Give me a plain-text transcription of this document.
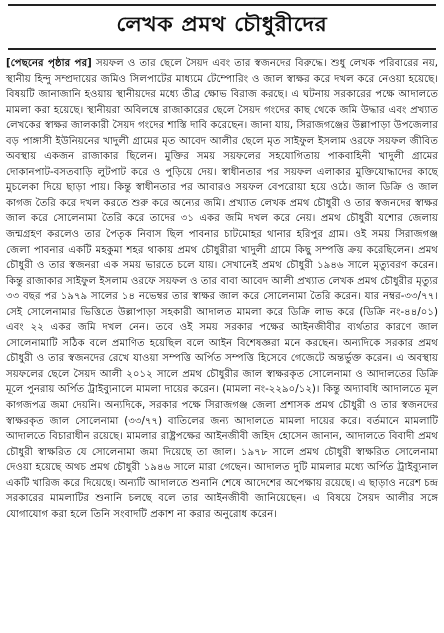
লেখক প্রমথ চৌধুরীদের

[পেছনের পৃষ্ঠার পর] সয়ফল ও তার ছেলে সৈয়দ এবং তার স্বজনদের বিরুদ্ধে। শুধু লেখক পরিবারের নয়, স্থানীয় হিন্দু সম্প্রদায়ের জমিও সিলপাটের মাধ্যমে টেম্পোরিং ও জাল স্বাক্ষর করে দখল করে নেওয়া হয়েছে। বিষয়টি জানাজানি হওয়ায় স্থানীয়দের মধ্যে তীব্র ক্ষোভ বিরাজ করছে। এ ঘটনায় সরকারের পক্ষে আদালতে মামলা করা হয়েছে। স্থানীয়রা অবিলম্বে রাজাকারের ছেলে সৈয়দ গংদের কাছ থেকে জমি উদ্ধার এবং প্রখ্যাত লেখকের স্বাক্ষর জালকারী সৈয়দ গংদের শাস্তি দাবি করেছেন। জানা যায়, সিরাজগঞ্জের উল্লাপাড়া উপজেলার বড় পাঙ্গাসী ইউনিয়নের খাদুলী গ্রামের মৃত আবেদ আলীর ছেলে মৃত সাইফুল ইসলাম ওরফে সয়ফল জীবিত অবস্থায় একজন রাজাকার ছিলেন। মুক্তির সময় সয়ফলের সহযোগিতায় পাকবাহিনী খাদুলী গ্রামের দোকানপাট-বসতবাড়ি লুটপাট করে ও পুড়িয়ে দেয়। স্বাধীনতার পর সয়ফল এলাকার মুক্তিযোদ্ধাদের কাছে মুচলেকা দিয়ে ছাড়া পায়। কিন্তু স্বাধীনতার পর আবারও সয়ফল বেপরোয়া হয়ে ওঠে। জাল ডিক্রি ও জাল কাগজ তৈরি করে দখল করতে শুরু করে অন্যের জমি। প্রখ্যাত লেখক প্রমথ চৌধুরী ও তার স্বজনদের স্বাক্ষর জাল করে সোলেনামা তৈরি করে তাদের ৩১ একর জমি দখল করে নেয়। প্রমথ চৌধুরী যশোর জেলায় জন্মগ্রহণ করলেও তার পৈতৃক নিবাস ছিল পাবনার চাটমোহর থানার হরিপুর গ্রাম। ওই সময় সিরাজগঞ্জ জেলা পাবনার একটি মহকুমা শহর থাকায় প্রমথ চৌধুরীরা খাদুলী গ্রামে কিছু সম্পত্তি ক্রয় করেছিলেন। প্রমথ চৌধুরী ও তার স্বজনরা এক সময় ভারতে চলে যায়। সেখানেই প্রমথ চৌধুরী ১৯৪৬ সালে মৃত্যুবরণ করেন। কিন্তু রাজাকার সাইফুল ইসলাম ওরফে সয়ফল ও তার বাবা আবেদ আলী প্রখ্যাত লেখক প্রমথ চৌধুরীর মৃত্যুর ৩৩ বছর পর ১৯৭৯ সালের ১৪ নভেম্বর তার স্বাক্ষর জাল করে সোলেনামা তৈরি করেন। যার নম্বর-৩৩/৭৭। সেই সোলেনামার ভিত্তিতে উল্লাপাড়া সহকারী আদালত মামলা করে ডিক্রি লাভ করে (ডিক্রি নং-৪৪/০১) এবং ২২ একর জমি দখল নেন। তবে ওই সময় সরকার পক্ষের আইনজীবীর ব্যর্থতার কারণে জাল সোলেনামাটি সঠিক বলে প্রমাণিত হয়েছিল বলে আইন বিশেষজ্ঞরা মনে করছেন। অন্যদিকে সরকার প্রমথ চৌধুরী ও তার স্বজনদের রেখে যাওয়া সম্পত্তি অর্পিত সম্পত্তি হিসেবে গেজেটে অন্তর্ভুক্ত করেন। এ অবস্থায় সয়ফলের ছেলে সৈয়দ আলী ২০১২ সালে প্রমথ চৌধুরীর জাল স্বাক্ষরকৃত সোলেনামা ও আদালতের ডিক্রি মূলে পুনরায় অর্পিত ট্রাইব্যুনালে মামলা দায়ের করেন। (মামলা নং-২২৯০/১২)। কিন্তু অদ্যাবধি আদালতে মূল কাগজপত্র জমা দেয়নি। অন্যদিকে, সরকার পক্ষে সিরাজগঞ্জ জেলা প্রশাসক প্রমথ চৌধুরী ও তার স্বজনদের স্বাক্ষরকৃত জাল সোলেনামা (৩৩/৭৭) বাতিলের জন্য আদালতে মামলা দায়ের করে। বর্তমানে মামলাটি আদালতে বিচারাধীন রয়েছে। মামলার রাষ্ট্রপক্ষের আইনজীবী জহিদ হোসেন জানান, আদালতে বিবাদী প্রমথ চৌধুরী স্বাক্ষরিত যে সোলেনামা জমা দিয়েছে তা জাল। ১৯৭৮ সালে প্রমথ চৌধুরী স্বাক্ষরিত সোলেনামা দেওয়া হয়েছে অথচ প্রমথ চৌধুরী ১৯৪৬ সালে মারা গেছেন। আদালত দুটি মামলার মধ্যে অর্পিত ট্রাইব্যুনাল একটি খারিজ করে দিয়েছে। অন্যটি আদালতে শুনানি শেষে আদেশের অপেক্ষায় রয়েছে। এ ছাড়াও নরেশ চন্দ্র সরকারের মামলাটির শুনানি চলছে বলে তার আইনজীবী জানিয়েছেন। এ বিষয়ে সৈয়দ আলীর সঙ্গে যোগাযোগ করা হলে তিনি সংবাদটি প্রকাশ না করার অনুরোধ করেন।
